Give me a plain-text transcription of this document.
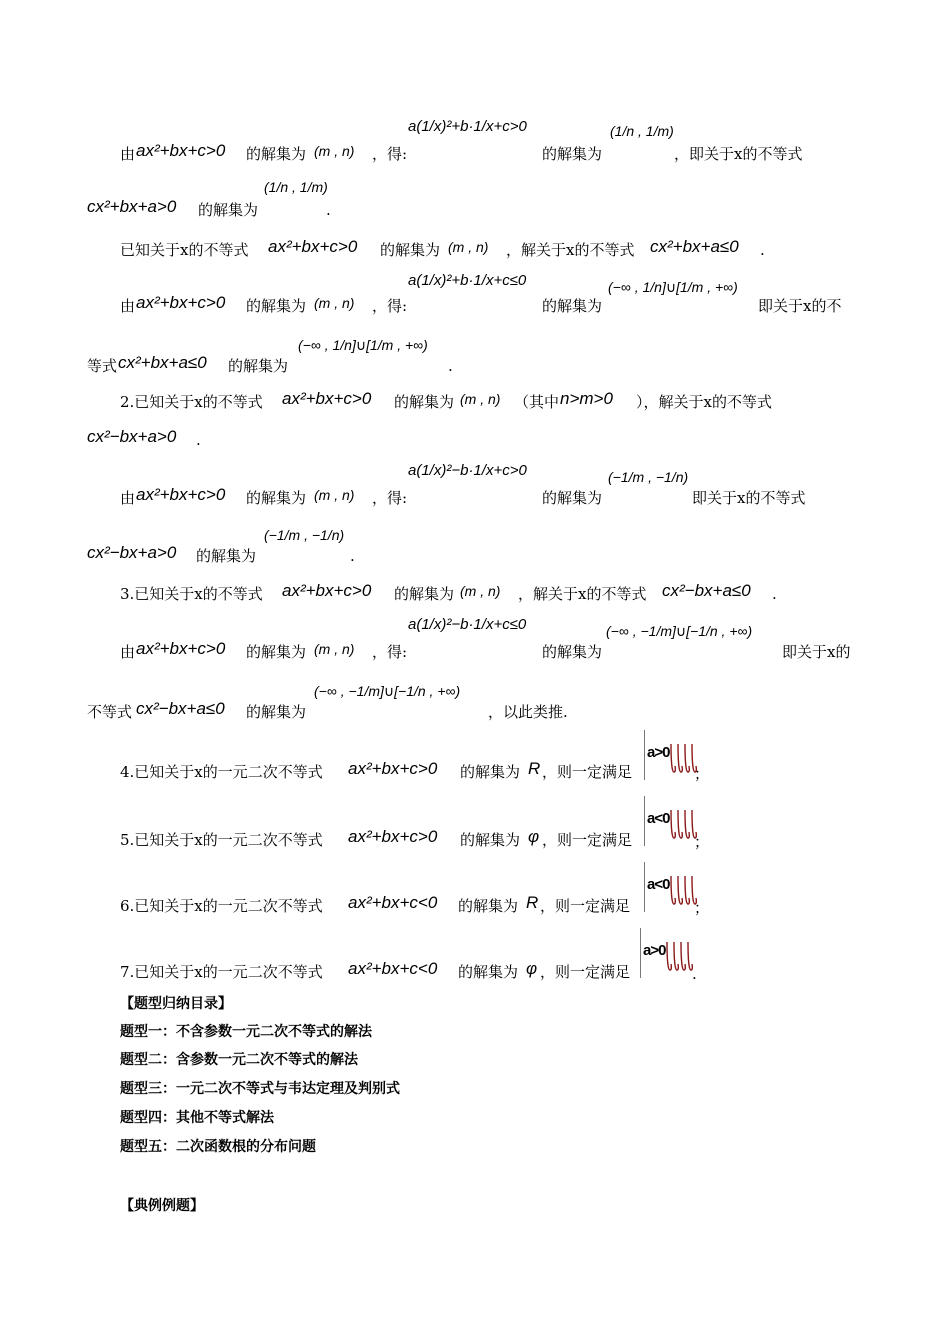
由 ax²+bx+c>0 的解集为 (m , n) ，得:
a(1/x)²+b·1/x+c>0
的解集为
(1/n , 1/m)
，即关于x的不等式
cx²+bx+a>0 的解集为
(1/n , 1/m)
.
已知关于x的不等式 ax²+bx+c>0 的解集为 (m , n) ，解关于x的不等式 cx²+bx+a≤0 .
由 ax²+bx+c>0 的解集为 (m , n) ，得:
a(1/x)²+b·1/x+c≤0
的解集为
(−∞ , 1/n]∪[1/m , +∞)
即关于x的不
等式 cx²+bx+a≤0 的解集为
(−∞ , 1/n]∪[1/m , +∞)
.
2.已知关于x的不等式 ax²+bx+c>0 的解集为 (m , n) （其中 n>m>0 ），解关于x的不等式
cx²−bx+a>0 .
由 ax²+bx+c>0 的解集为 (m , n) ，得:
a(1/x)²−b·1/x+c>0
的解集为
(−1/m , −1/n)
即关于x的不等式
cx²−bx+a>0 的解集为
(−1/m , −1/n)
.
3.已知关于x的不等式 ax²+bx+c>0 的解集为 (m , n) ，解关于x的不等式 cx²−bx+a≤0 .
由 ax²+bx+c>0 的解集为 (m , n) ，得:
a(1/x)²−b·1/x+c≤0
的解集为
(−∞ , −1/m]∪[−1/n , +∞)
即关于x的
不等式 cx²−bx+a≤0 的解集为
(−∞ , −1/m]∪[−1/n , +∞)
，以此类推.
4.已知关于x的一元二次不等式 ax²+bx+c>0 的解集为 R ，则一定满足
a>0
；
5.已知关于x的一元二次不等式 ax²+bx+c>0 的解集为 φ ，则一定满足
a<0
；
6.已知关于x的一元二次不等式 ax²+bx+c<0 的解集为 R ，则一定满足
a<0
；
7.已知关于x的一元二次不等式 ax²+bx+c<0 的解集为 φ ，则一定满足
a>0
.
【题型归纳目录】
题型一：不含参数一元二次不等式的解法
题型二：含参数一元二次不等式的解法
题型三：一元二次不等式与韦达定理及判别式
题型四：其他不等式解法
题型五：二次函数根的分布问题
【典例例题】
